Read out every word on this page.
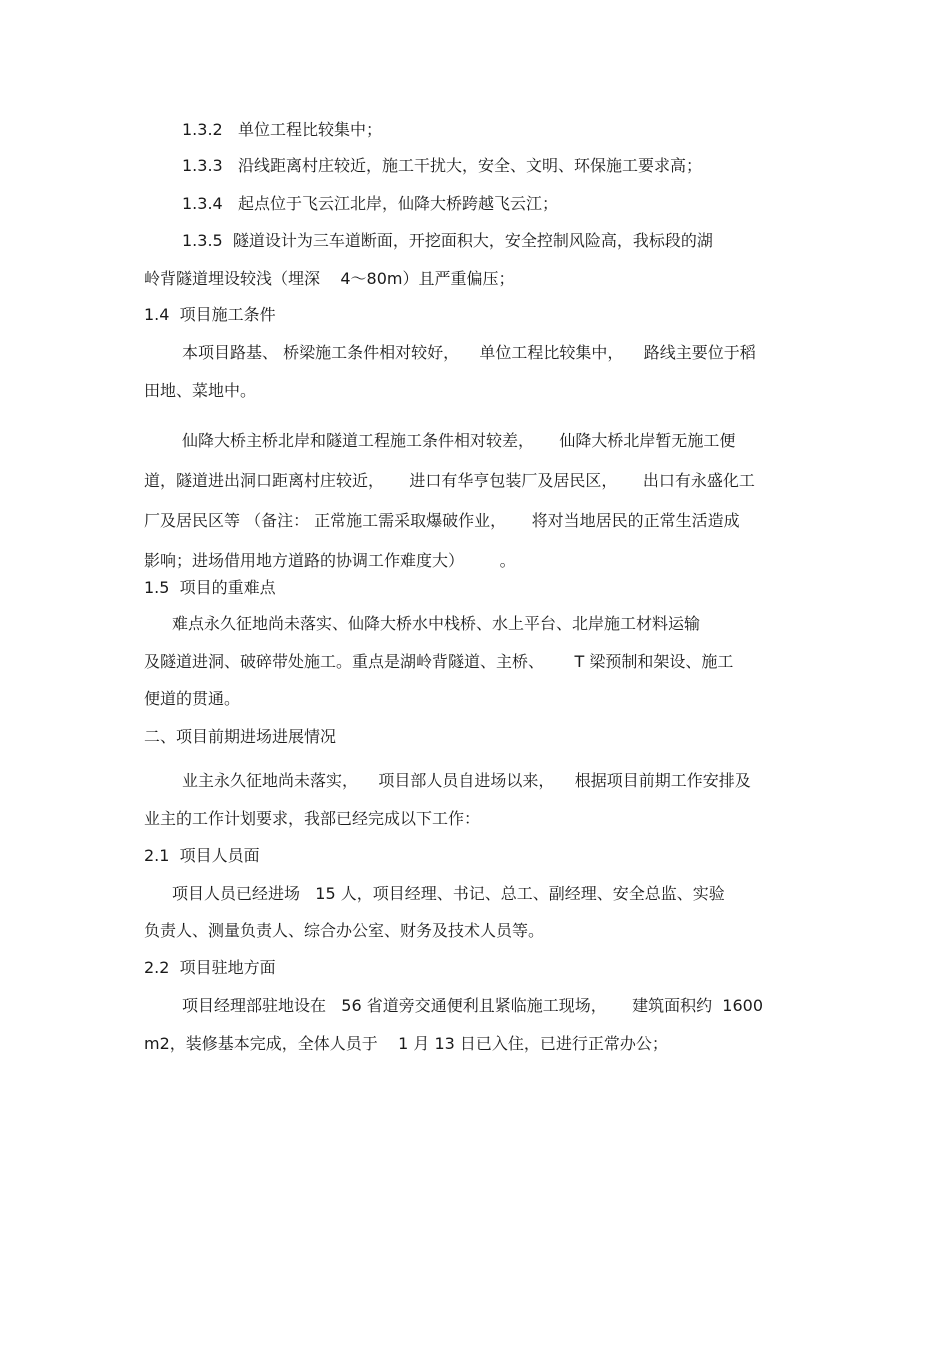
1.3.2   单位工程比较集中；

1.3.3   沿线距离村庄较近，施工干扰大，安全、文明、环保施工要求高；

1.3.4   起点位于飞云江北岸，仙降大桥跨越飞云江；

1.3.5  隧道设计为三车道断面，开挖面积大，安全控制风险高，我标段的湖

岭背隧道埋设较浅（埋深    4～80m）且严重偏压；

1.4  项目施工条件

本项目路基、 桥梁施工条件相对较好，    单位工程比较集中，    路线主要位于稻

田地、菜地中。

仙降大桥主桥北岸和隧道工程施工条件相对较差，     仙降大桥北岸暂无施工便

道，隧道进出洞口距离村庄较近，     进口有华亨包装厂及居民区，     出口有永盛化工

厂及居民区等 （备注： 正常施工需采取爆破作业，     将对当地居民的正常生活造成

影响；进场借用地方道路的协调工作难度大）       。

1.5  项目的重难点

难点永久征地尚未落实、仙降大桥水中栈桥、水上平台、北岸施工材料运输

及隧道进洞、破碎带处施工。重点是湖岭背隧道、主桥、      T 梁预制和架设、施工

便道的贯通。

二、项目前期进场进展情况

业主永久征地尚未落实，    项目部人员自进场以来，    根据项目前期工作安排及

业主的工作计划要求，我部已经完成以下工作：

2.1  项目人员面

项目人员已经进场   15 人，项目经理、书记、总工、副经理、安全总监、实验

负责人、测量负责人、综合办公室、财务及技术人员等。

2.2  项目驻地方面

项目经理部驻地设在   56 省道旁交通便利且紧临施工现场，     建筑面积约  1600

m2，装修基本完成，全体人员于    1 月 13 日已入住，已进行正常办公；
